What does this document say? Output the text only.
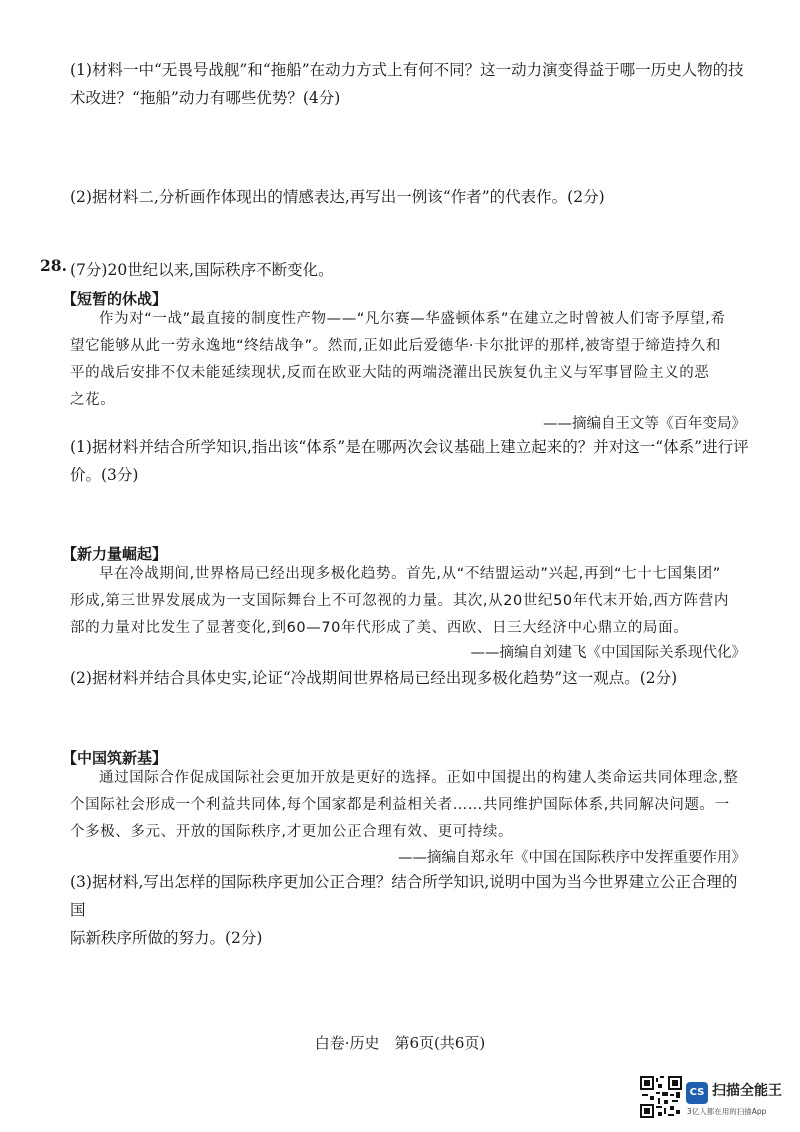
(1)材料一中“无畏号战舰”和“拖船”在动力方式上有何不同？这一动力演变得益于哪一历史人物的技
术改进？“拖船”动力有哪些优势？(4分)
(2)据材料二,分析画作体现出的情感表达,再写出一例该“作者”的代表作。(2分)
28. (7分)20世纪以来,国际秩序不断变化。
【短暂的休战】

作为对“一战”最直接的制度性产物——“凡尔赛—华盛顿体系”在建立之时曾被人们寄予厚望,希

望它能够从此一劳永逸地“终结战争”。然而,正如此后爱德华·卡尔批评的那样,被寄望于缔造持久和

平的战后安排不仅未能延续现状,反而在欧亚大陆的两端浇灌出民族复仇主义与军事冒险主义的恶

之花。

——摘编自王文等《百年变局》
(1)据材料并结合所学知识,指出该“体系”是在哪两次会议基础上建立起来的？并对这一“体系”进行评
价。(3分)
【新力量崛起】

早在冷战期间,世界格局已经出现多极化趋势。首先,从“不结盟运动”兴起,再到“七十七国集团”

形成,第三世界发展成为一支国际舞台上不可忽视的力量。其次,从20世纪50年代末开始,西方阵营内

部的力量对比发生了显著变化,到60—70年代形成了美、西欧、日三大经济中心鼎立的局面。

——摘编自刘建飞《中国国际关系现代化》
(2)据材料并结合具体史实,论证“冷战期间世界格局已经出现多极化趋势”这一观点。(2分)
【中国筑新基】

通过国际合作促成国际社会更加开放是更好的选择。正如中国提出的构建人类命运共同体理念,整

个国际社会形成一个利益共同体,每个国家都是利益相关者……共同维护国际体系,共同解决问题。一

个多极、多元、开放的国际秩序,才更加公正合理有效、更可持续。

——摘编自郑永年《中国在国际秩序中发挥重要作用》
(3)据材料,写出怎样的国际秩序更加公正合理？结合所学知识,说明中国为当今世界建立公正合理的国
际新秩序所做的努力。(2分)
白卷·历史　第6页(共6页)
CS 扫描全能王
3亿人都在用的扫描App
